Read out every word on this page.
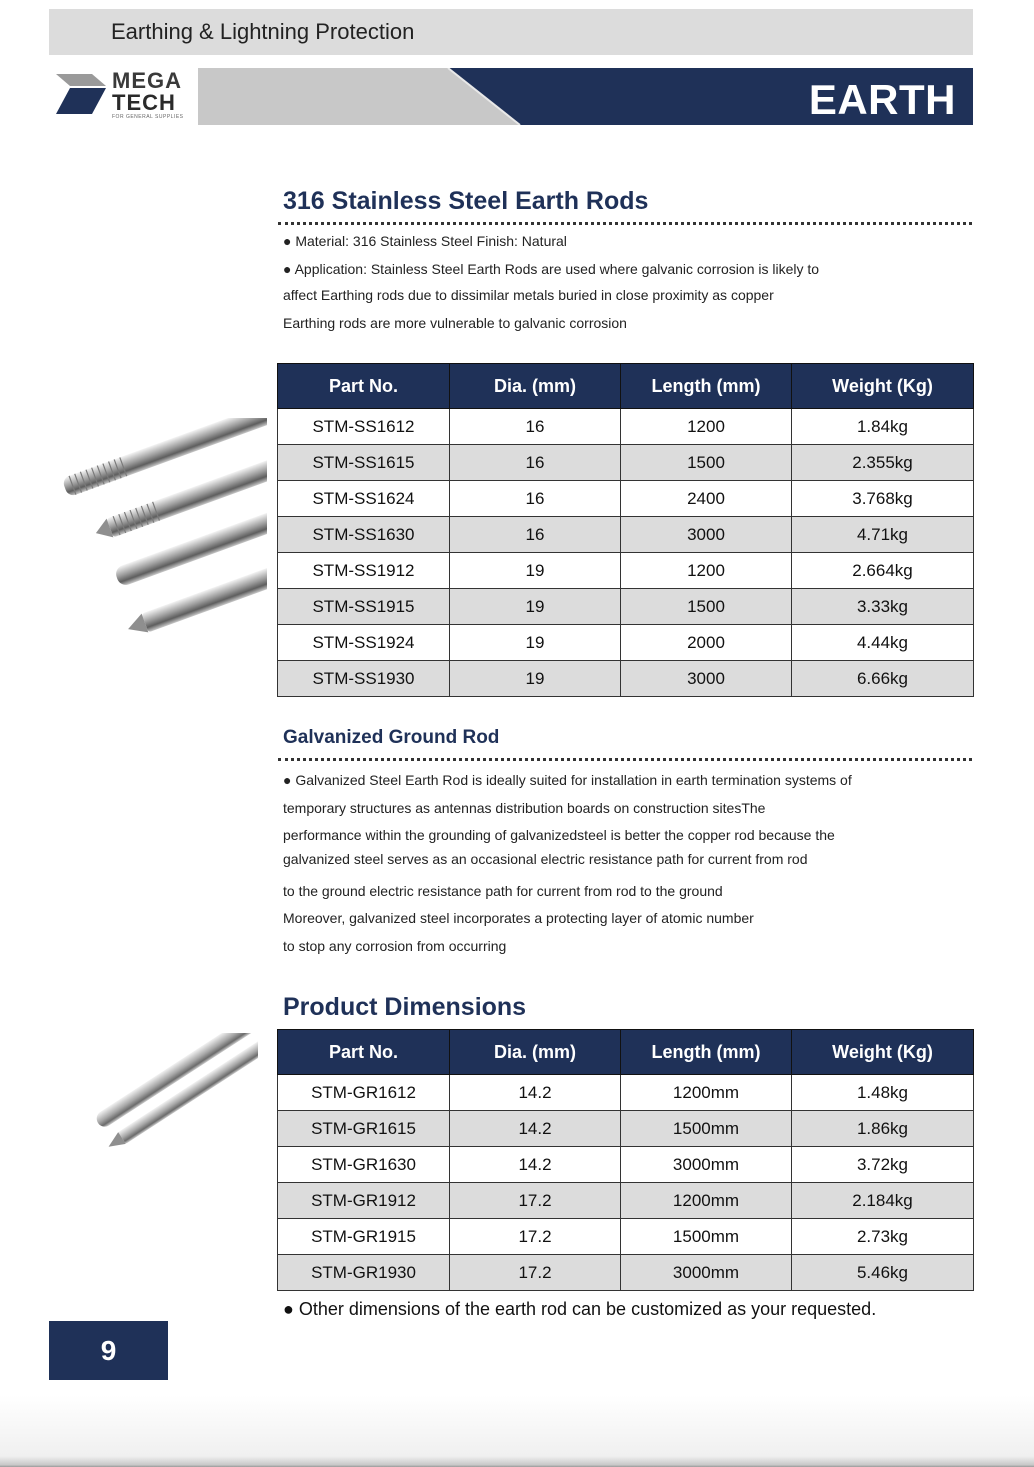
Earthing & Lightning Protection
MEGA
TECH
FOR GENERAL SUPPLIES	EARTH ELECTRODES
316 Stainless Steel Earth Rods
● Material: 316 Stainless Steel Finish: Natural
● Application: Stainless Steel Earth Rods are used where galvanic corrosion is likely to
affect Earthing rods due to dissimilar metals buried in close proximity as copper
Earthing rods are more vulnerable to galvanic corrosion
Part No.	Dia. (mm)	Length (mm)	Weight (Kg)
STM-SS1612	16	1200	1.84kg
STM-SS1615	16	1500	2.355kg
STM-SS1624	16	2400	3.768kg
STM-SS1630	16	3000	4.71kg
STM-SS1912	19	1200	2.664kg
STM-SS1915	19	1500	3.33kg
STM-SS1924	19	2000	4.44kg
STM-SS1930	19	3000	6.66kg
Galvanized Ground Rod
● Galvanized Steel Earth Rod is ideally suited for installation in earth termination systems of
temporary structures as antennas distribution boards on construction sitesThe
performance within the grounding of galvanizedsteel is better the copper rod because the
galvanized steel serves as an occasional electric resistance path for current from rod
to the ground electric resistance path for current from rod to the ground
Moreover, galvanized steel incorporates a protecting layer of atomic number
to stop any corrosion from occurring
Product Dimensions
Part No.	Dia. (mm)	Length (mm)	Weight (Kg)
STM-GR1612	14.2	1200mm	1.48kg
STM-GR1615	14.2	1500mm	1.86kg
STM-GR1630	14.2	3000mm	3.72kg
STM-GR1912	17.2	1200mm	2.184kg
STM-GR1915	17.2	1500mm	2.73kg
STM-GR1930	17.2	3000mm	5.46kg
● Other dimensions of the earth rod can be customized as your requested.
9
